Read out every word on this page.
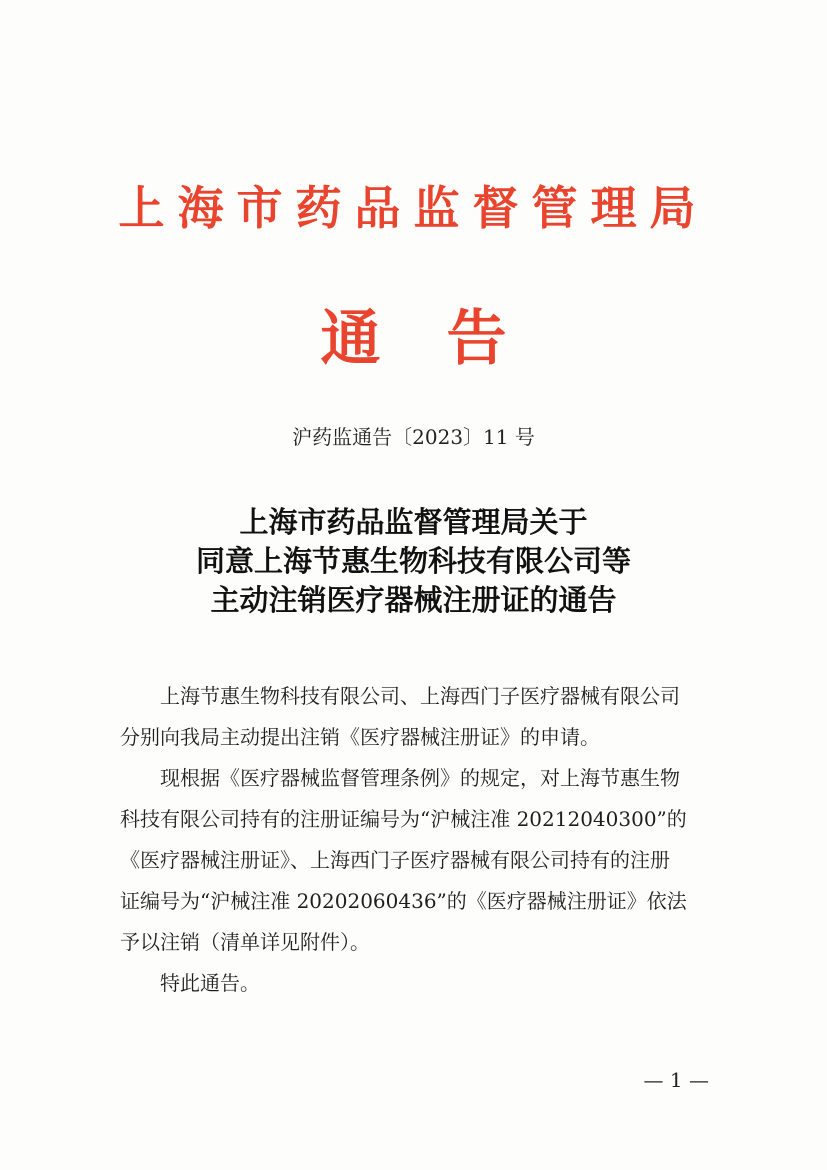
上海市药品监督管理局
通 告
沪药监通告〔2023〕11 号
上海市药品监督管理局关于
同意上海节惠生物科技有限公司等
主动注销医疗器械注册证的通告

上海节惠生物科技有限公司、上海西门子医疗器械有限公司
分别向我局主动提出注销《医疗器械注册证》的申请。

现根据《医疗器械监督管理条例》的规定，对上海节惠生物
科技有限公司持有的注册证编号为“沪械注准 20212040300”的
《医疗器械注册证》、上海西门子医疗器械有限公司持有的注册
证编号为“沪械注准 20202060436”的《医疗器械注册证》依法
予以注销（清单详见附件）。

特此通告。

— 1 —
